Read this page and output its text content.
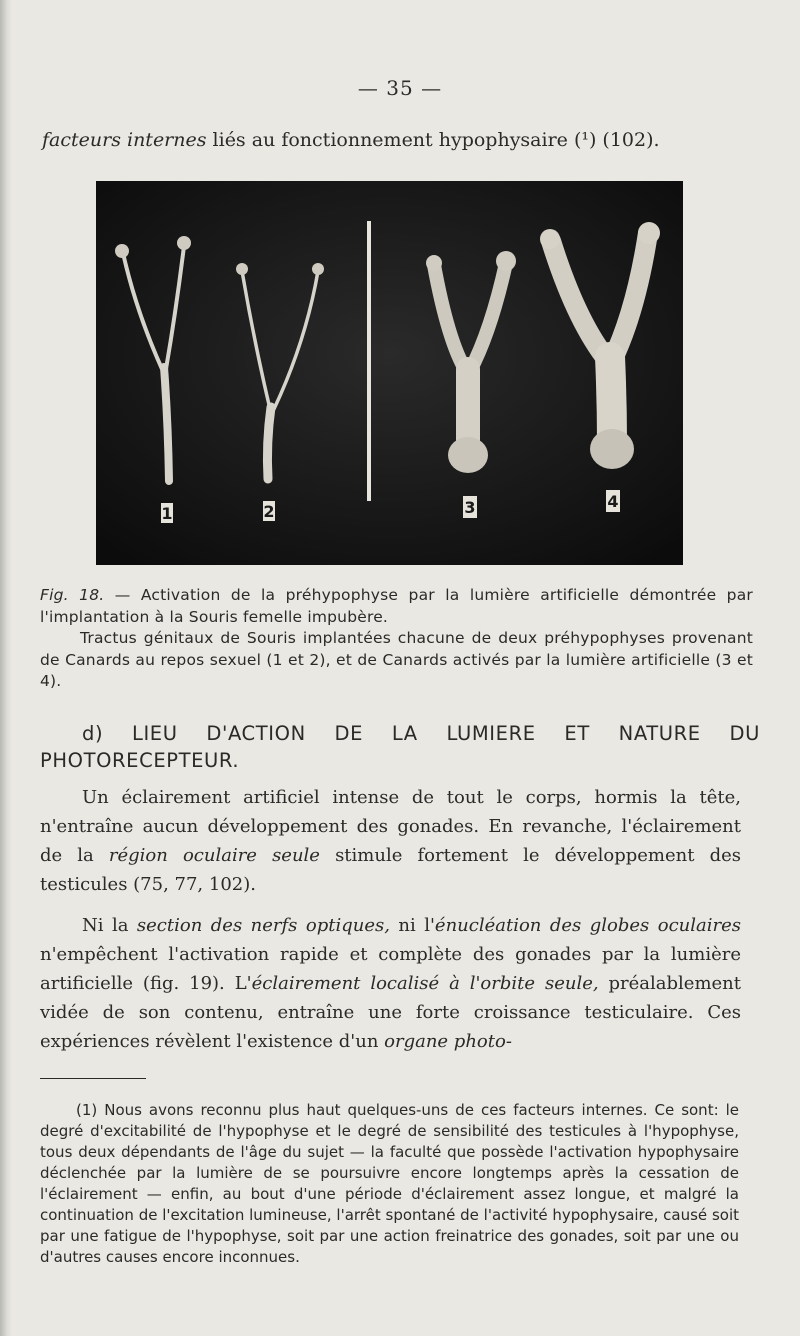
— 35 —
facteurs internes liés au fonctionnement hypophysaire (¹) (102).
1	2	3	4

Fig. 18. — Activation de la préhypophyse par la lumière artificielle démontrée par l'implantation à la Souris femelle impubère.

Tractus génitaux de Souris implantées chacune de deux préhypophyses provenant de Canards au repos sexuel (1 et 2), et de Canards activés par la lumière artificielle (3 et 4).

d) LIEU D'ACTION DE LA LUMIERE ET NATURE DU
PHOTORECEPTEUR.

Un éclairement artificiel intense de tout le corps, hormis la tête, n'entraîne aucun développement des gonades. En revanche, l'éclairement de la région oculaire seule stimule fortement le développement des testicules (75, 77, 102).

Ni la section des nerfs optiques, ni l'énucléation des globes oculaires n'empêchent l'activation rapide et complète des gonades par la lumière artificielle (fig. 19). L'éclairement localisé à l'orbite seule, préalablement vidée de son contenu, entraîne une forte croissance testiculaire. Ces expériences révèlent l'existence d'un organe photo-

(1) Nous avons reconnu plus haut quelques-uns de ces facteurs internes. Ce sont: le degré d'excitabilité de l'hypophyse et le degré de sensibilité des testicules à l'hypophyse, tous deux dépendants de l'âge du sujet — la faculté que possède l'activation hypophysaire déclenchée par la lumière de se poursuivre encore longtemps après la cessation de l'éclairement — enfin, au bout d'une période d'éclairement assez longue, et malgré la continuation de l'excitation lumineuse, l'arrêt spontané de l'activité hypophysaire, causé soit par une fatigue de l'hypophyse, soit par une action freinatrice des gonades, soit par une ou d'autres causes encore inconnues.
